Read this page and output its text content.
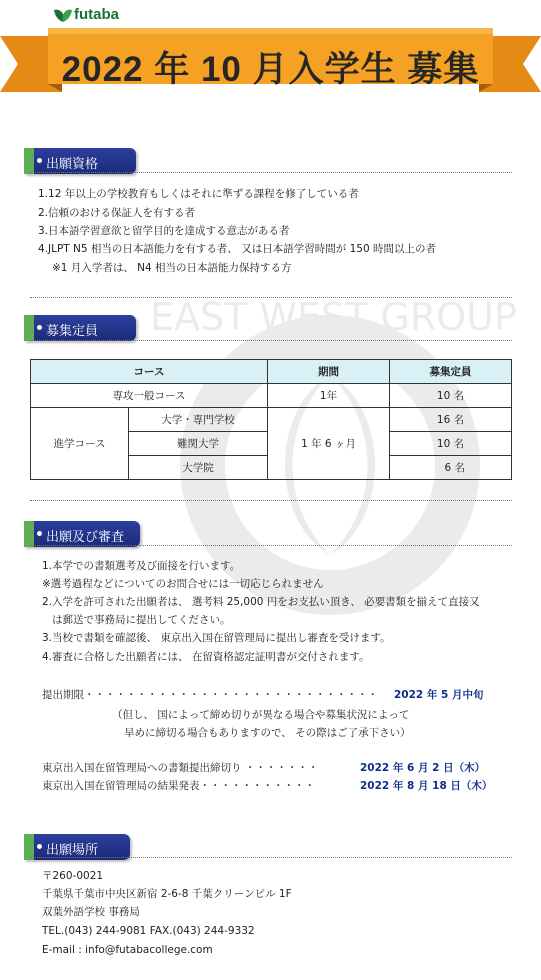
EAST WEST GROUP
futaba
2022 年 10 月入学生 募集
出願資格
1.12 年以上の学校教育もしくはそれに準ずる課程を修了している者
2.信頼のおける保証人を有する者
3.日本語学習意欲と留学目的を達成する意志がある者
4.JLPT N5 相当の日本語能力を有する者、 又は日本語学習時間が 150 時間以上の者
※1 月入学者は、 N4 相当の日本語能力保持する方
募集定員
コース		期間	募集定員
専攻一般コース		1年	10 名
進学コース	大学・専門学校	1 年 6 ヶ月	16 名
	難関大学		10 名
	大学院		6 名
出願及び審査
1.本学での書類選考及び面接を行います。
※選考過程などについてのお問合せには一切応じられません
2.入学を許可された出願者は、 選考料 25,000 円をお支払い頂き、 必要書類を揃えて直接又
は郵送で事務局に提出してください。
3.当校で書類を確認後、 東京出入国在留管理局に提出し審査を受けます。
4.審査に合格した出願者には、 在留資格認定証明書が交付されます。
提出期限・・・・・・・・・・・・・・・・・・・・・・・・・・・・ 2022 年 5 月中旬
（但し、 国によって締め切りが異なる場合や募集状況によって
早めに締切る場合もありますので、 その際はご了承下さい）
東京出入国在留管理局への書類提出締切り ・・・・・・・	2022 年 6 月 2 日（木）
東京出入国在留管理局の結果発表・・・・・・・・・・・	2022 年 8 月 18 日（木）
出願場所
〒260-0021
千葉県千葉市中央区新宿 2-6-8 千葉クリーンビル 1F
双葉外語学校 事務局
TEL.(043) 244-9081 FAX.(043) 244-9332
E-mail : info@futabacollege.com
